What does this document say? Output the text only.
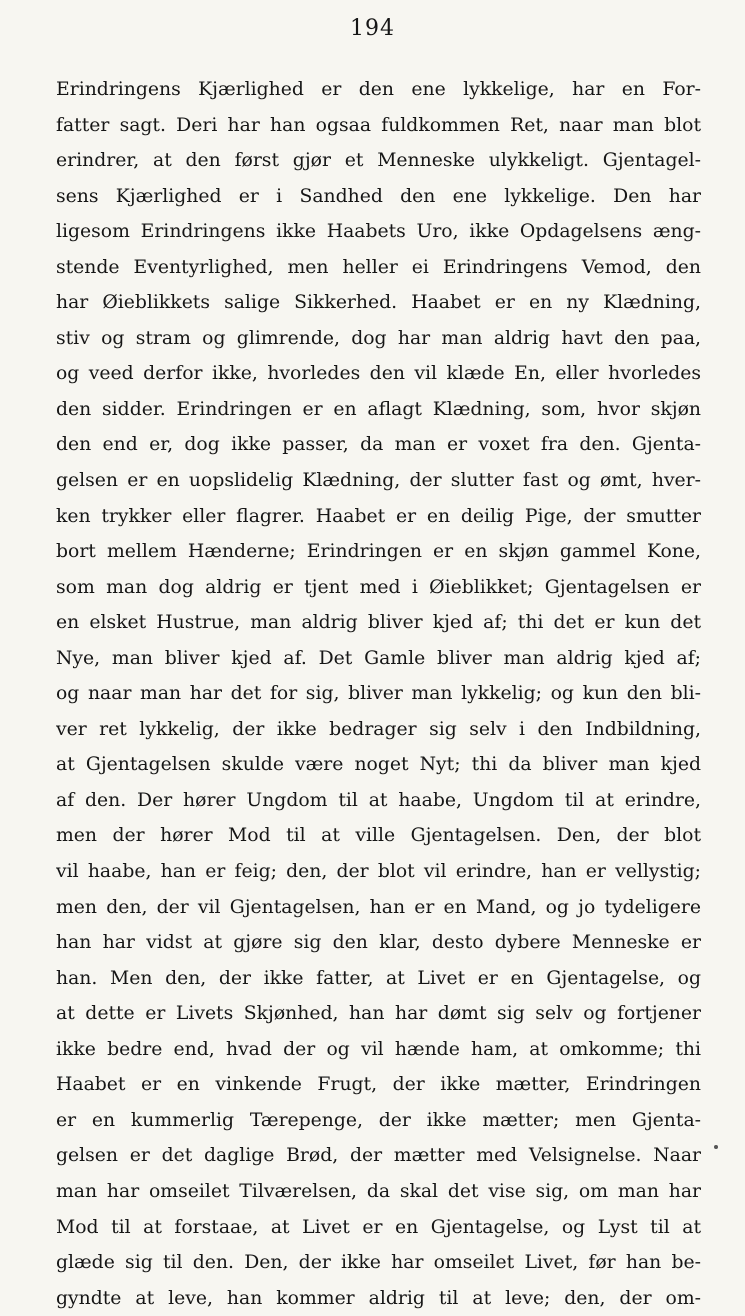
194
Erindringens Kjærlighed er den ene lykkelige, har en For-
fatter sagt. Deri har han ogsaa fuldkommen Ret, naar man blot
erindrer, at den først gjør et Menneske ulykkeligt. Gjentagel-
sens Kjærlighed er i Sandhed den ene lykkelige. Den har
ligesom Erindringens ikke Haabets Uro, ikke Opdagelsens æng-
stende Eventyrlighed, men heller ei Erindringens Vemod, den
har Øieblikkets salige Sikkerhed. Haabet er en ny Klædning,
stiv og stram og glimrende, dog har man aldrig havt den paa,
og veed derfor ikke, hvorledes den vil klæde En, eller hvorledes
den sidder. Erindringen er en aflagt Klædning, som, hvor skjøn
den end er, dog ikke passer, da man er voxet fra den. Gjenta-
gelsen er en uopslidelig Klædning, der slutter fast og ømt, hver-
ken trykker eller flagrer. Haabet er en deilig Pige, der smutter
bort mellem Hænderne; Erindringen er en skjøn gammel Kone,
som man dog aldrig er tjent med i Øieblikket; Gjentagelsen er
en elsket Hustrue, man aldrig bliver kjed af; thi det er kun det
Nye, man bliver kjed af. Det Gamle bliver man aldrig kjed af;
og naar man har det for sig, bliver man lykkelig; og kun den bli-
ver ret lykkelig, der ikke bedrager sig selv i den Indbildning,
at Gjentagelsen skulde være noget Nyt; thi da bliver man kjed
af den. Der hører Ungdom til at haabe, Ungdom til at erindre,
men der hører Mod til at ville Gjentagelsen. Den, der blot
vil haabe, han er feig; den, der blot vil erindre, han er vellystig;
men den, der vil Gjentagelsen, han er en Mand, og jo tydeligere
han har vidst at gjøre sig den klar, desto dybere Menneske er
han. Men den, der ikke fatter, at Livet er en Gjentagelse, og
at dette er Livets Skjønhed, han har dømt sig selv og fortjener
ikke bedre end, hvad der og vil hænde ham, at omkomme; thi
Haabet er en vinkende Frugt, der ikke mætter, Erindringen
er en kummerlig Tærepenge, der ikke mætter; men Gjenta-
gelsen er det daglige Brød, der mætter med Velsignelse. Naar
man har omseilet Tilværelsen, da skal det vise sig, om man har
Mod til at forstaae, at Livet er en Gjentagelse, og Lyst til at
glæde sig til den. Den, der ikke har omseilet Livet, før han be-
gyndte at leve, han kommer aldrig til at leve; den, der om-
